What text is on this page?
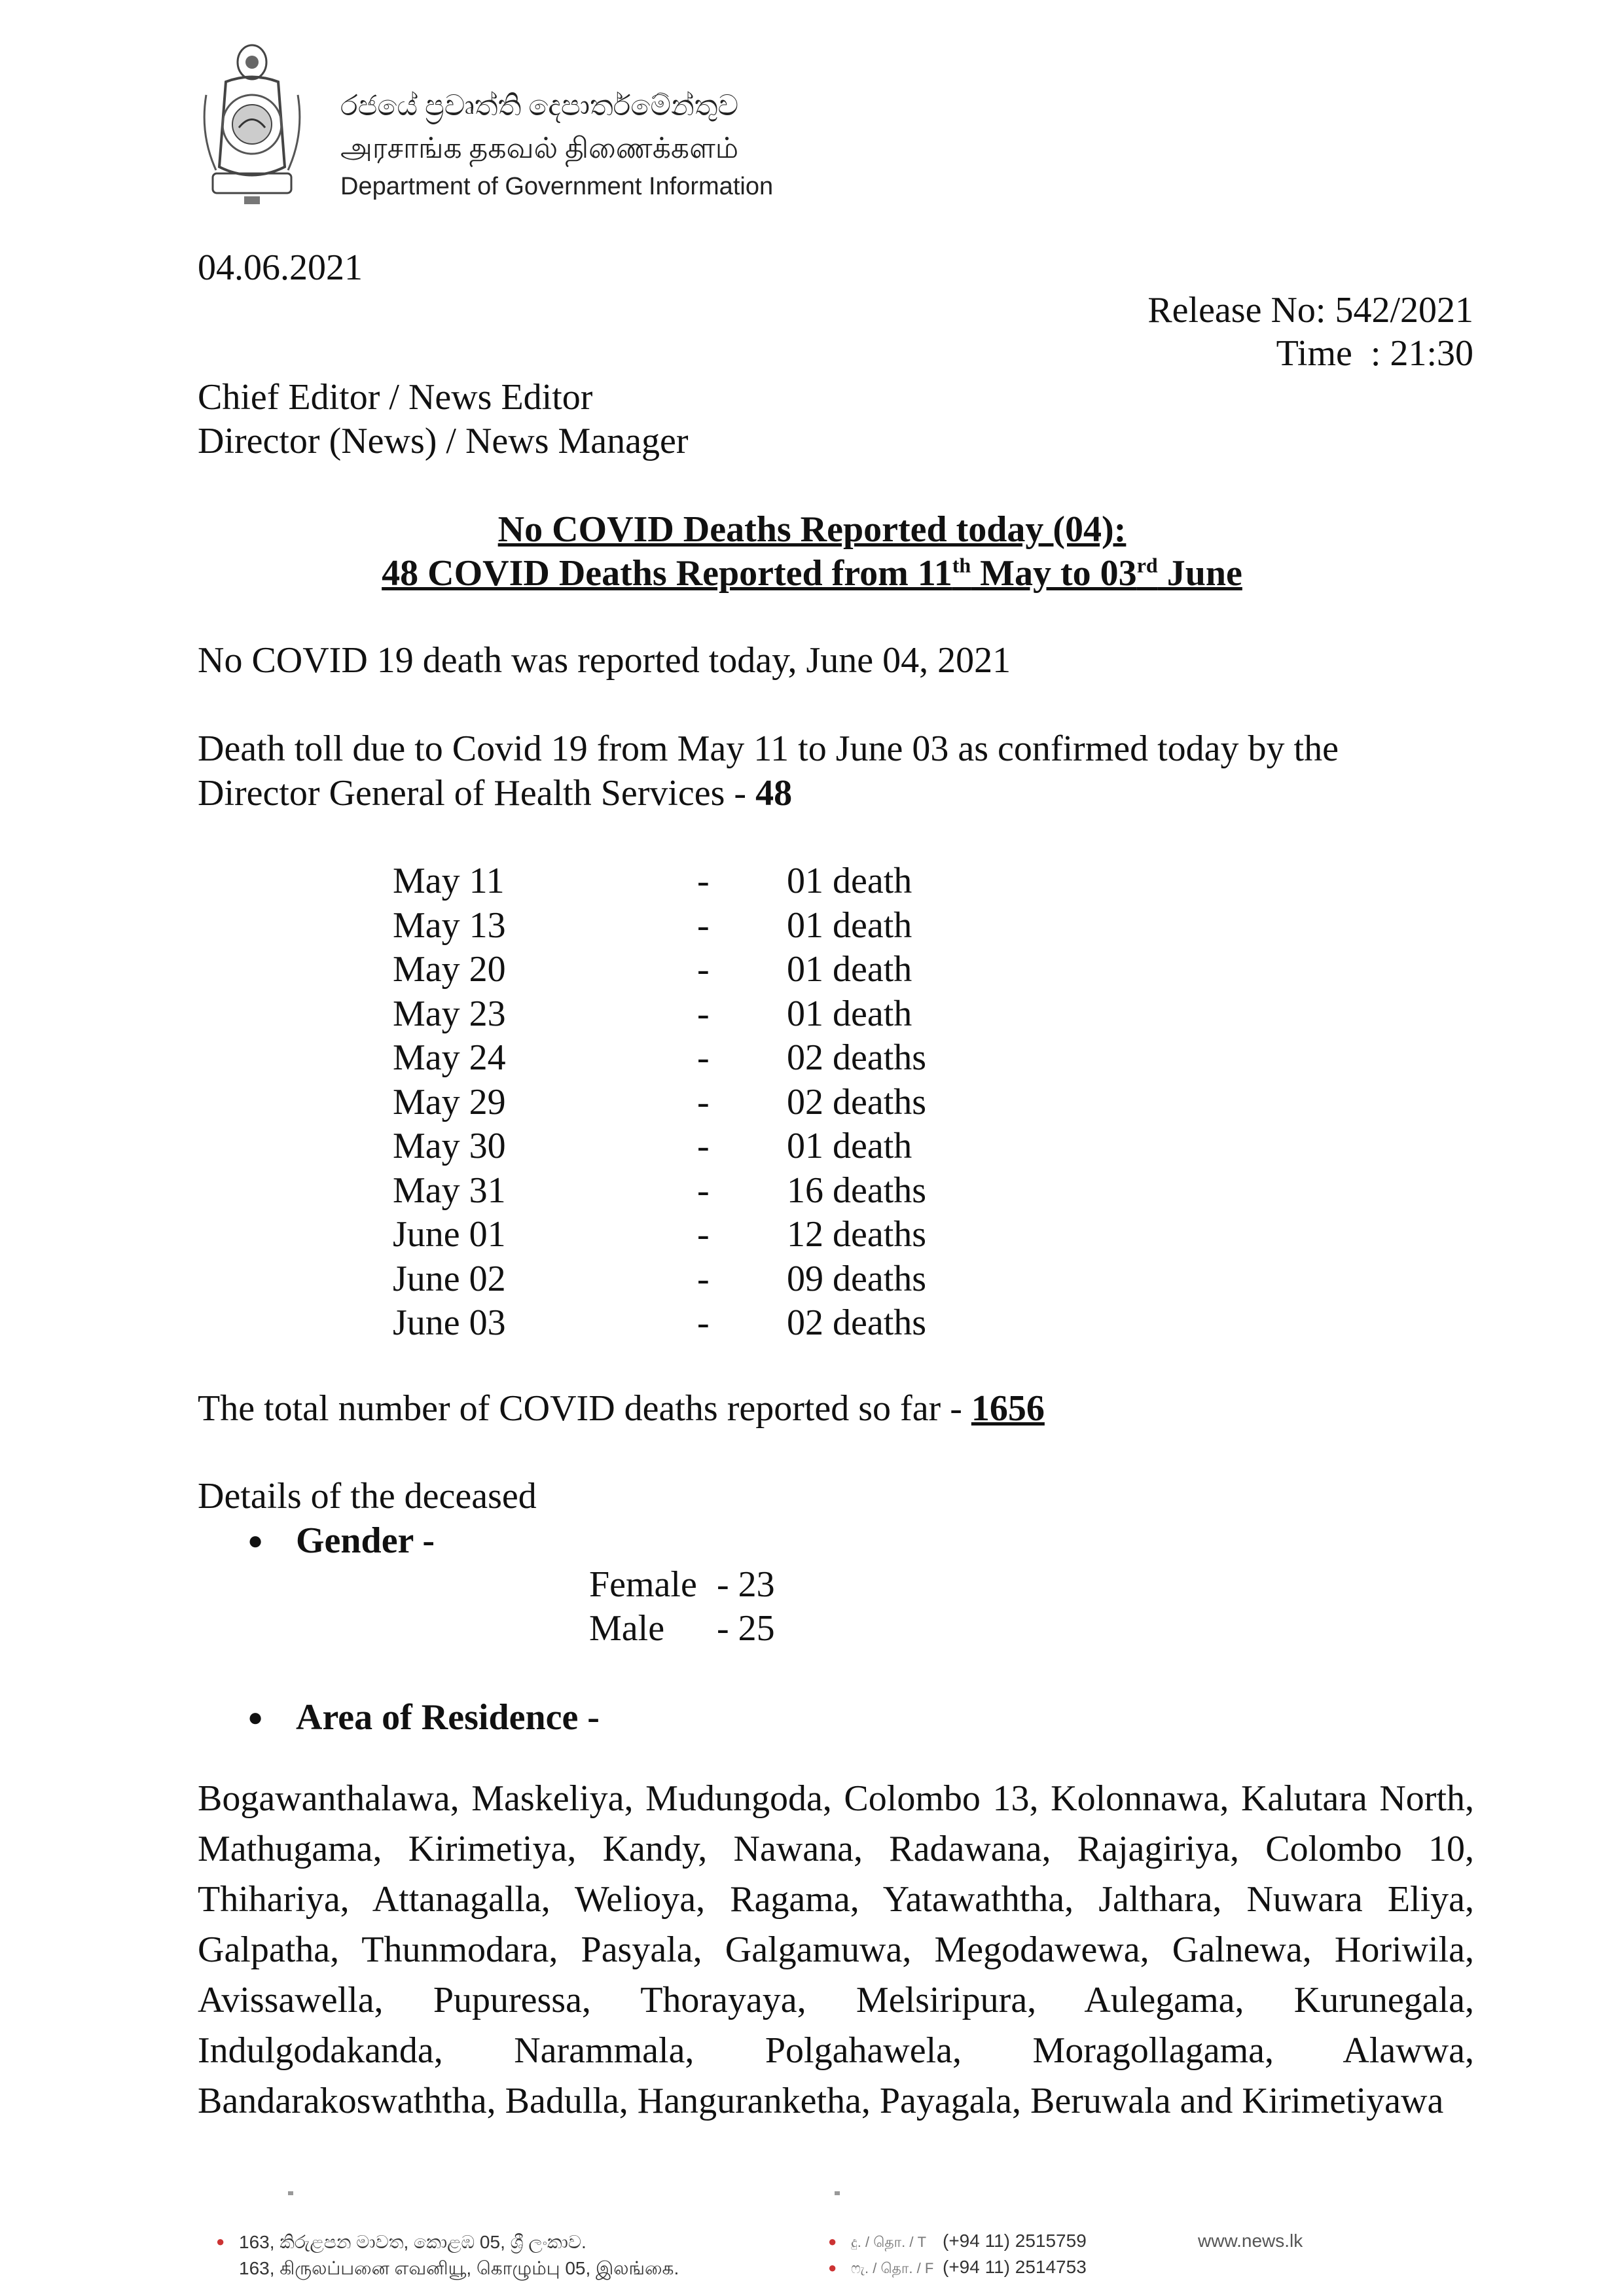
රජයේ ප්‍රවෘත්ති දෙපාර්තමේන්තුව
அரசாங்க தகவல் திணைக்களம்
Department of Government Information
04.06.2021
Release No: 542/2021
Time  : 21:30
Chief Editor / News Editor
Director (News) / News Manager
No COVID Deaths Reported today (04):
48 COVID Deaths Reported from 11th May to 03rd June
No COVID 19 death was reported today, June 04, 2021
Death toll due to Covid 19 from May 11 to June 03 as confirmed today by the
Director General of Health Services - 48
May 11	- 01 death
May 13	- 01 death
May 20	- 01 death
May 23	- 01 death
May 24	- 02 deaths
May 29	- 02 deaths
May 30	- 01 death
May 31	- 16 deaths
June 01	- 12 deaths
June 02	- 09 deaths
June 03	- 02 deaths
The total number of COVID deaths reported so far - 1656
Details of the deceased
● Gender -
Female - 23
Male - 25
● Area of Residence -
Bogawanthalawa, Maskeliya, Mudungoda, Colombo 13, Kolonnawa, Kalutara North, Mathugama, Kirimetiya, Kandy, Nawana, Radawana, Rajagiriya, Colombo 10, Thihariya, Attanagalla, Welioya, Ragama, Yatawaththa, Jalthara, Nuwara Eliya, Galpatha, Thunmodara, Pasyala, Galgamuwa, Megodawewa, Galnewa, Horiwila, Avissawella, Pupuressa, Thorayaya, Melsiripura, Aulegama, Kurunegala, Indulgodakanda, Narammala, Polgahawela, Moragollagama, Alawwa, Bandarakoswaththa, Badulla, Hanguranketha, Payagala, Beruwala and Kirimetiyawa
● 163, කිරුළපන මාවත, කොළඹ 05, ශ්‍රී ලංකාව.
163, கிருலப்பனை எவனியூ, கொழும்பு 05, இலங்கை.
● දු. / தொ. / T (+94 11) 2515759
● ෆැ. / தொ. / F (+94 11) 2514753
www.news.lk
